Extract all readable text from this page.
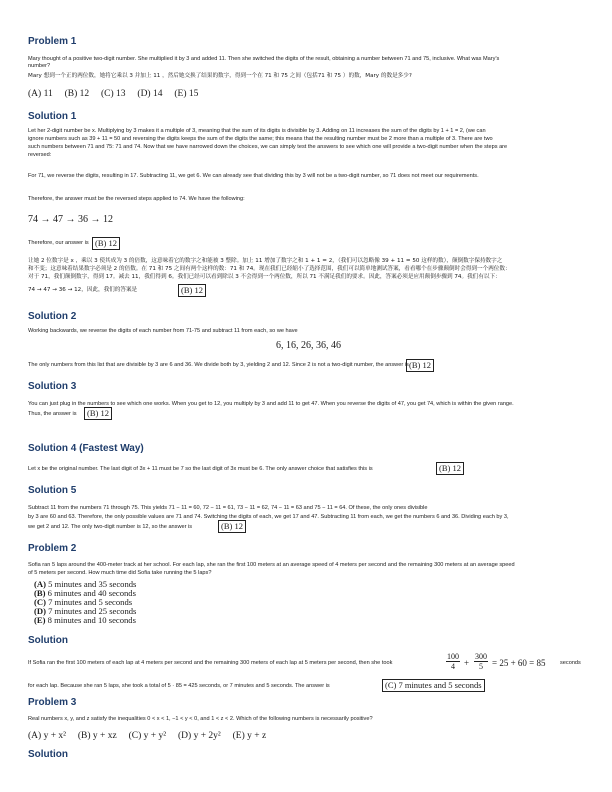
Problem 1
Mary thought of a positive two-digit number. She multiplied it by 3 and added 11. Then she switched the digits of the result, obtaining a number between 71 and 75, inclusive. What was Mary's
number?
Mary 想到一个正的两位数，她将它乘以 3 并加上 11 ，然后她交换了结果的数字，得到一个在 71 和 75 之间（包括71 和 75 ）的数，Mary 的数是多少?
(A) 11     (B) 12     (C) 13     (D) 14     (E) 15
Solution 1
Let her 2-digit number be x. Multiplying by 3 makes it a multiple of 3, meaning that the sum of its digits is divisible by 3. Adding on 11 increases the sum of the digits by 1 + 1 = 2, (we can
ignore numbers such as 39 + 11 = 50 and reversing the digits keeps the sum of the digits the same; this means that the resulting number must be 2 more than a multiple of 3. There are two
such numbers between 71 and 75: 71 and 74. Now that we have narrowed down the choices, we can simply test the answers to see which one will provide a two-digit number when the steps are
reversed:
For 71, we reverse the digits, resulting in 17. Subtracting 11, we get 6. We can already see that dividing this by 3 will not be a two-digit number, so 71 does not meet our requirements.
Therefore, the answer must be the reversed steps applied to 74. We have the following:
74 → 47 → 36 → 12
Therefore, our answer is (B) 12
让她 2 位数字是 x ，乘以 3 使其成为 3 的倍数，这意味着它的数字之和能被 3 整除。加上 11 增加了数字之和 1 + 1 = 2，（我们可以忽略像 39 + 11 = 50 这样的数），颠倒数字保持数字之
和不变；这意味着结果数字必须是 2 的倍数。在 71 和 75 之间有两个这样的数：71 和 74。现在我们已经缩小了选择范围，我们可以简单地测试答案，看看哪个在步骤颠倒时会得到一个两位数：
对于 71，我们颠倒数字，得到 17。减去 11，我们得到 6。我们已经可以看到除以 3 不会得到一个两位数，所以 71 不满足我们的要求。因此，答案必须是应用颠倒步骤到 74。我们有以下：
74 → 47 → 36 → 12，因此，我们的答案是	(B) 12
Solution 2
Working backwards, we reverse the digits of each number from 71-75 and subtract 11 from each, so we have
6, 16, 26, 36, 46
The only numbers from this list that are divisible by 3 are 6 and 36. We divide both by 3, yielding 2 and 12. Since 2 is not a two-digit number, the answer is (B) 12
Solution 3
You can just plug in the numbers to see which one works. When you get to 12, you multiply by 3 and add 11 to get 47. When you reverse the digits of 47, you get 74, which is within the given range.
Thus, the answer is	(B) 12
Solution 4 (Fastest Way)
Let x be the original number. The last digit of 3x + 11 must be 7 so the last digit of 3x must be 6. The only answer choice that satisfies this is	(B) 12
Solution 5
Subtract 11 from the numbers 71 through 75. This yields 71 − 11 = 60, 72 − 11 = 61, 73 − 11 = 62, 74 − 11 = 63 and 75 − 11 = 64. Of these, the only ones divisible
by 3 are 60 and 63. Therefore, the only possible values are 71 and 74. Switching the digits of each, we get 17 and 47. Subtracting 11 from each, we get the numbers 6 and 36. Dividing each by 3,
we get 2 and 12. The only two-digit number is 12, so the answer is	(B) 12
Problem 2
Sofia ran 5 laps around the 400-meter track at her school. For each lap, she ran the first 100 meters at an average speed of 4 meters per second and the remaining 300 meters at an average speed
of 5 meters per second. How much time did Sofia take running the 5 laps?
(A) 5 minutes and 35 seconds
(B) 6 minutes and 40 seconds
(C) 7 minutes and 5 seconds
(D) 7 minutes and 25 seconds
(E) 8 minutes and 10 seconds
Solution
If Sofia ran the first 100 meters of each lap at 4 meters per second and the remaining 300 meters of each lap at 5 meters per second, then she took
100
4	+
300
5	= 25 + 60 = 85	seconds
for each lap. Because she ran 5 laps, she took a total of 5 · 85 = 425 seconds, or 7 minutes and 5 seconds. The answer is	(C) 7 minutes and 5 seconds
Problem 3
Real numbers x, y, and z satisfy the inequalities 0 < x < 1, −1 < y < 0, and 1 < z < 2. Which of the following numbers is necessarily positive?
(A) y + x²     (B) y + xz     (C) y + y²     (D) y + 2y²     (E) y + z
Solution
